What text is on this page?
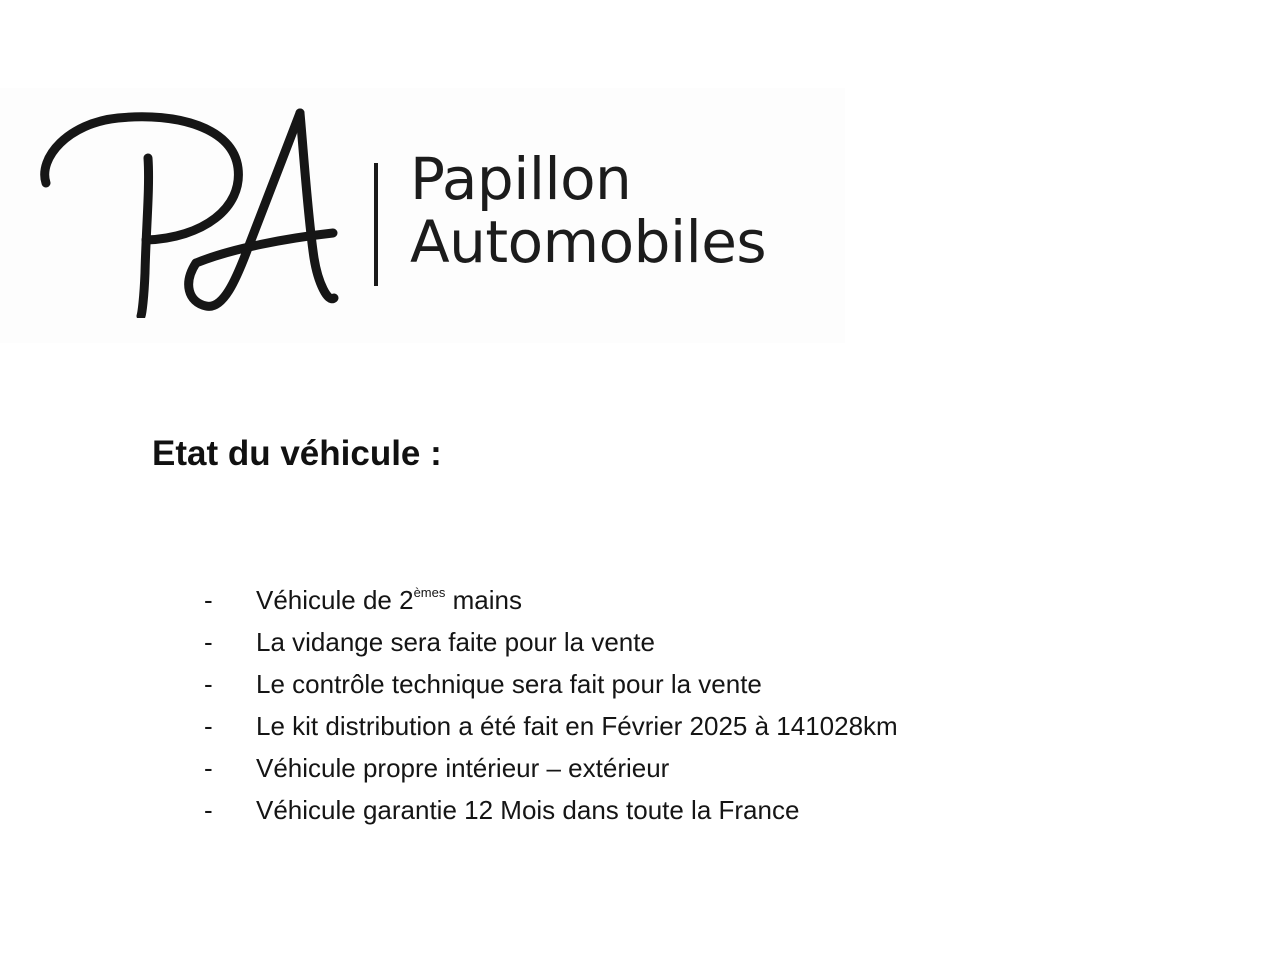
Papillon
Automobiles
Etat du véhicule :
- Véhicule de 2èmes mains
- La vidange sera faite pour la vente
- Le contrôle technique sera fait pour la vente
- Le kit distribution a été fait en Février 2025 à 141028km
- Véhicule propre intérieur – extérieur
- Véhicule garantie 12 Mois dans toute la France
